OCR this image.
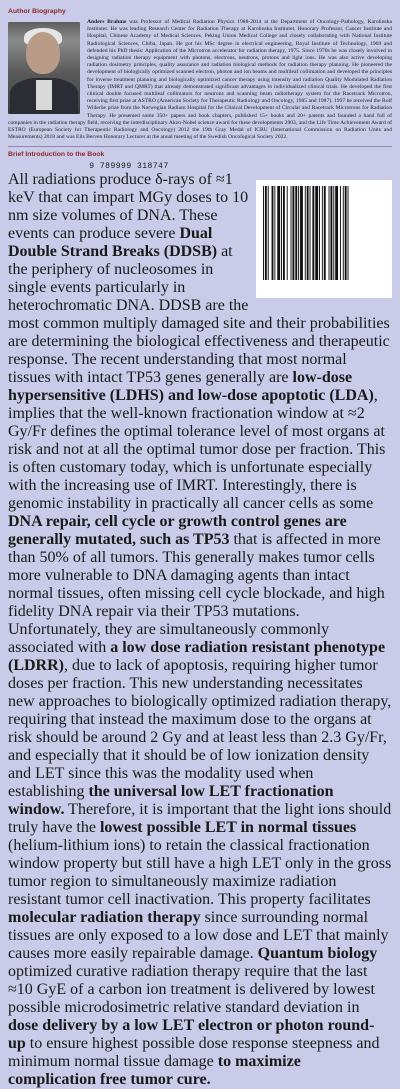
Author Biography

Anders Brahme was Professor of Medical Radiation Physics 1988-2014 at the Department of Oncology-Pathology, Karolinska Institutet. He was leading Research Center for Radiation Therapy at Karolinska Institutet, Honorary Professor, Cancer Institute and Hospital, Chinese Academy of Medical Sciences, Peking Union Medical College and closely collaborating with National Institute Radiological Sciences, Chiba, Japan. He got his MSc degree in electrical engineering, Royal Institute of Technology, 1969 and defended his PhD thesis: Application of the Microtron accelerator for radiation therapy, 1975. Since 1970s he was closely involved in designing radiation therapy equipment with photons, electrons, neutrons, protons and light ions. He was also active developing radiation dosimetry principles, quality assurance and radiation biological methods for radiation therapy planning. He pioneered the development of biologically optimized scanned electron, photon and ion beams and multileaf collimation and developed the principles for inverse treatment planning and biologically optimized cancer therapy using intensity and radiation Quality Modulated Radiation Therapy (IMRT and QMRT) that already demonstrated significant advantages in individualized clinical trials. He developed the first clinical double focused multileaf collimators for neutrons and scanning beam radiotherapy system for the Racetrack Microtron, receiving first prize at ASTRO (American Society for Therapeutic Radiology and Oncology, 1985 and 1987). 1997 he received the Rolf Wideröe prize from the Norwegian Radium Hospital for the Clinical Development of Circular and Racetrack Microtrons for Radiation Therapy. He presented some 350+ papers and book chapters, published 15+ books and 20+ patents and founded a hand full of companies in the radiation therapy field, receiving the interdisciplinary Akzo-Nobel science award for these developments 2003, and the Life Time Achievement Award of ESTRO (European Society for Therapeutic Radiology and Oncology) 2012 the 19th Gray Medal of ICRU (International Commission on Radiation Units and Measurements) 2018 and was Eils Berven Honorary Lecturer at the anual meeting of the Swedish Oncological Society 2022.

Brief Introduction to the Book

9 789999 318747
All radiations produce δ-rays of ≈1 keV that can impart MGy doses to 10 nm size volumes of DNA. These events can produce severe Dual Double Strand Breaks (DDSB) at the periphery of nucleosomes in single events particularly in heterochromatic DNA. DDSB are the most common multiply damaged site and their probabilities are determining the biological effectiveness and therapeutic response. The recent understanding that most normal tissues with intact TP53 genes generally are low-dose hypersensitive (LDHS) and low-dose apoptotic (LDA), implies that the well-known fractionation window at ≈2 Gy/Fr defines the optimal tolerance level of most organs at risk and not at all the optimal tumor dose per fraction. This is often customary today, which is unfortunate especially with the increasing use of IMRT. Interestingly, there is genomic instability in practically all cancer cells as some DNA repair, cell cycle or growth control genes are generally mutated, such as TP53 that is affected in more than 50% of all tumors. This generally makes tumor cells more vulnerable to DNA damaging agents than intact normal tissues, often missing cell cycle blockade, and high fidelity DNA repair via their TP53 mutations. Unfortunately, they are simultaneously commonly associated with a low dose radiation resistant phenotype (LDRR), due to lack of apoptosis, requiring higher tumor doses per fraction. This new understanding necessitates new approaches to biologically optimized radiation therapy, requiring that instead the maximum dose to the organs at risk should be around 2 Gy and at least less than 2.3 Gy/Fr, and especially that it should be of low ionization density and LET since this was the modality used when establishing the universal low LET fractionation window. Therefore, it is important that the light ions should truly have the lowest possible LET in normal tissues (helium-lithium ions) to retain the classical fractionation window property but still have a high LET only in the gross tumor region to simultaneously maximize radiation resistant tumor cell inactivation. This property facilitates molecular radiation therapy since surrounding normal tissues are only exposed to a low dose and LET that mainly causes more easily repairable damage. Quantum biology optimized curative radiation therapy require that the last ≈10 GyE of a carbon ion treatment is delivered by lowest possible microdosimetric relative standard deviation in dose delivery by a low LET electron or photon round-up to ensure highest possible dose response steepness and minimum normal tissue damage to maximize complication free tumor cure.
